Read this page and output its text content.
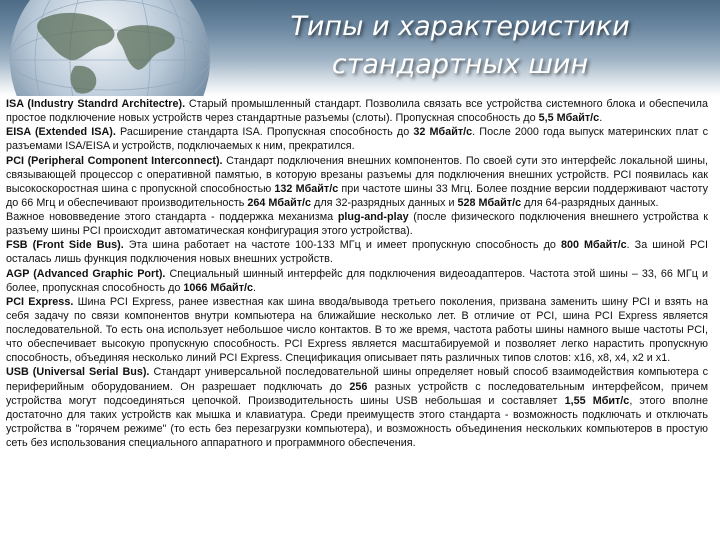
Типы и характеристики
стандартных шин

ISA (Industry Standrd Architectre). Старый промышленный стандарт. Позволила связать все устройства системного блока и обеспечила простое подключение новых устройств через стандартные разъемы (слоты). Пропускная способность до 5,5 Мбайт/с.

EISA (Extended ISA). Расширение стандарта ISA. Пропускная способность до 32 Мбайт/с. После 2000 года выпуск материнских плат с разъемами ISA/EISA и устройств, подключаемых к ним, прекратился.

PCI (Peripheral Component Interconnect). Стандарт подключения внешних компонентов. По своей сути это интерфейс локальной шины, связывающей процессор с оперативной памятью, в которую врезаны разъемы для подключения внешних устройств. PCI появилась как высокоскоростная шина с пропускной способностью 132 Мбайт/с при частоте шины 33 Мгц. Более поздние версии поддерживают частоту до 66 Мгц и обеспечивают производительность 264 Мбайт/с для 32-разрядных данных и 528 Мбайт/с для 64-разрядных данных.

Важное нововведение этого стандарта - поддержка механизма plug-and-play (после физического подключения внешнего устройства к разъему шины PCI происходит автоматическая конфигурация этого устройства).

FSB (Front Side Bus). Эта шина работает на частоте 100-133 МГц и имеет пропускную способность до 800 Мбайт/с. За шиной PCI осталась лишь функция подключения новых внешних устройств.

AGP (Advanced Graphic Port). Специальный шинный интерфейс для подключения видеоадаптеров. Частота этой шины – 33, 66 МГц и более, пропускная способность до 1066 Мбайт/с.

PCI Express. Шина PCI Express, ранее известная как шина ввода/вывода третьего поколения, призвана заменить шину PCI и взять на себя задачу по связи компонентов внутри компьютера на ближайшие несколько лет. В отличие от PCI, шина PCI Express является последовательной. То есть она использует небольшое число контактов. В то же время, частота работы шины намного выше частоты PCI, что обеспечивает высокую пропускную способность. PCI Express является масштабируемой и позволяет легко нарастить пропускную способность, объединяя несколько линий PCI Express. Спецификация описывает пять различных типов слотов: x16, x8, x4, x2 и x1.

USB (Universal Serial Bus). Стандарт универсальной последовательной шины определяет новый способ взаимодействия компьютера с периферийным оборудованием. Он разрешает подключать до 256 разных устройств с последовательным интерфейсом, причем устройства могут подсоединяться цепочкой. Производительность шины USB небольшая и составляет 1,55 Мбит/с, этого вполне достаточно для таких устройств как мышка и клавиатура. Среди преимуществ этого стандарта - возможность подключать и отключать устройства в "горячем режиме" (то есть без перезагрузки компьютера), и возможность объединения нескольких компьютеров в простую сеть без использования специального аппаратного и программного обеспечения.
